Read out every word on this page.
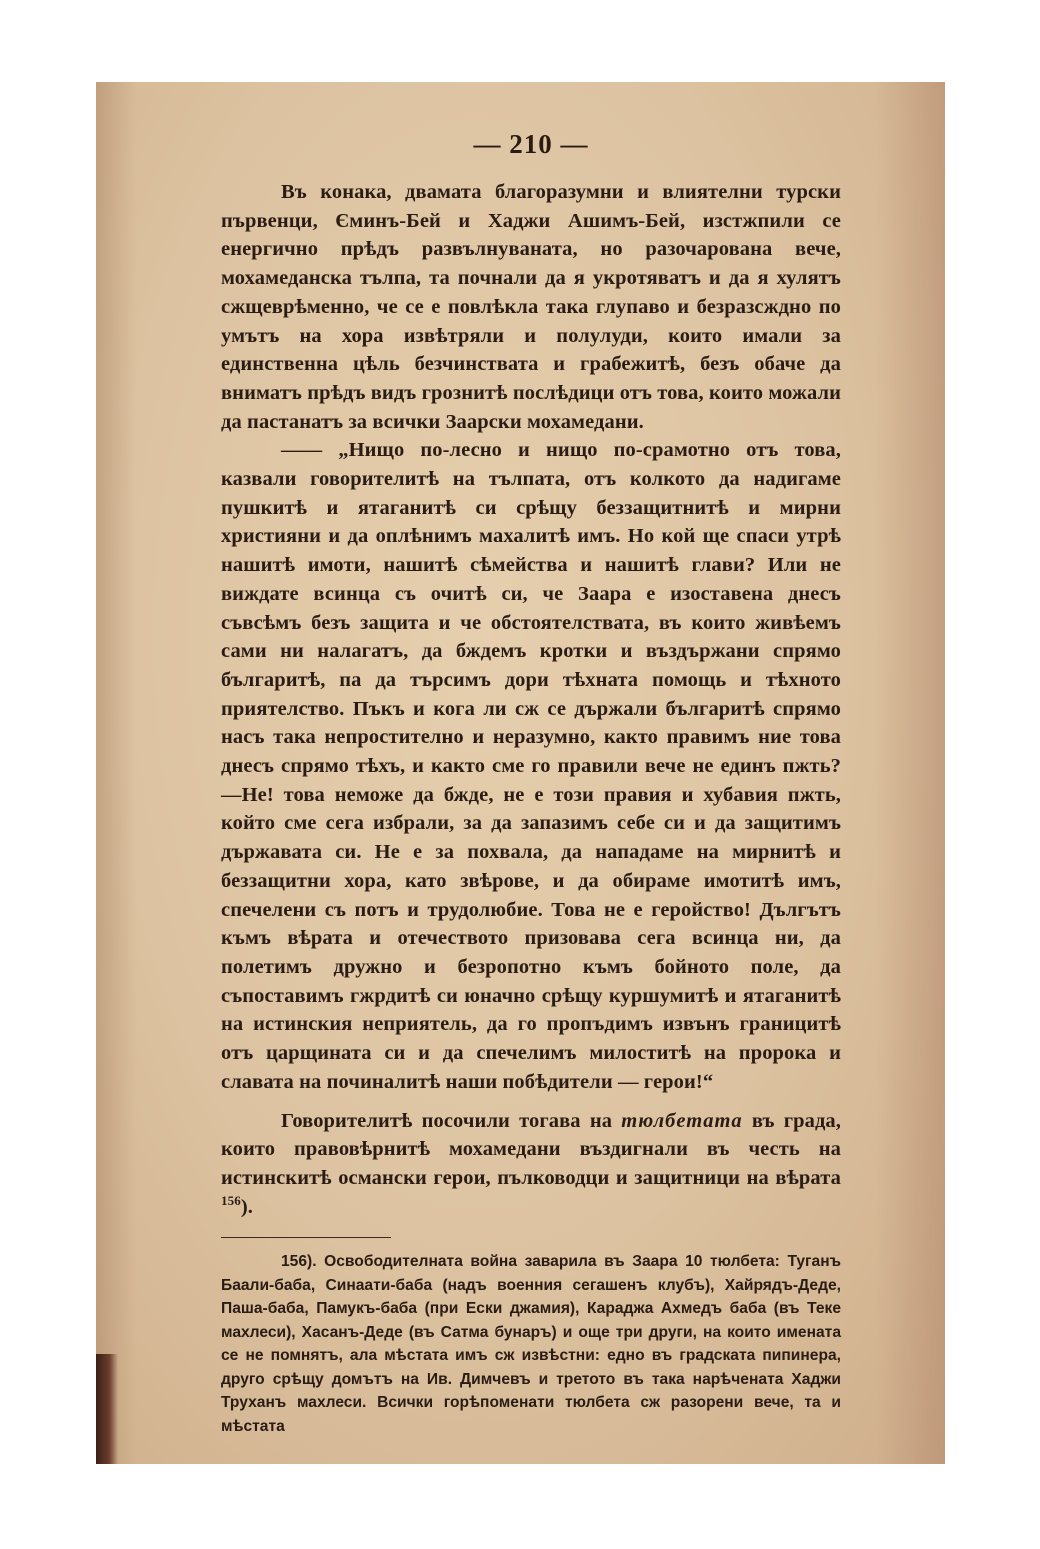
— 210 —

Въ конака, двамата благоразумни и влиятелни турски първенци, Єминъ-Бей и Хаджи Ашимъ-Бей, изстжпили се енергично прѣдъ развълнуваната, но разочарована вече, мохамеданска тълпа, та почнали да я укротяватъ и да я хулятъ сжщеврѣменно, че се е повлѣкла така глупаво и безразсждно по умътъ на хора извѣтряли и полулуди, които имали за единственна цѣль безчинствата и грабежитѣ, безъ обаче да вниматъ прѣдъ видъ грознитѣ послѣдици отъ това, които можали да пастанатъ за всички Заарски мохамедани.

—— „Нищо по-лесно и нищо по-срамотно отъ това, казвали говорителитѣ на тълпата, отъ колкото да надигаме пушкитѣ и ятаганитѣ си срѣщу беззащитнитѣ и мирни християни и да оплѣнимъ махалитѣ имъ. Но кой ще спаси утрѣ нашитѣ имоти, нашитѣ сѣмейства и нашитѣ глави? Или не виждате всинца съ очитѣ си, че Заара е изоставена днесъ съвсѣмъ безъ защита и че обстоятелствата, въ които живѣемъ сами ни налагатъ, да бждемъ кротки и въздържани спрямо българитѣ, па да търсимъ дори тѣхната помощь и тѣхното приятелство. Пъкъ и кога ли сж се държали българитѣ спрямо насъ така непростително и неразумно, както правимъ ние това днесъ спрямо тѣхъ, и както сме го правили вече не единъ пжть?—Не! това неможе да бжде, не е този правия и хубавия пжть, който сме сега избрали, за да запазимъ себе си и да защитимъ държавата си. Не е за похвала, да нападаме на мирнитѣ и беззащитни хора, като звѣрове, и да обираме имотитѣ имъ, спечелени съ потъ и трудолюбие. Това не е геройство! Дългътъ къмъ вѣрата и отечеството призовава сега всинца ни, да полетимъ дружно и безропотно къмъ бойното поле, да съпоставимъ гжрдитѣ си юначно срѣщу куршумитѣ и ятаганитѣ на истинския неприятель, да го пропъдимъ извънъ границитѣ отъ царщината си и да спечелимъ милоститѣ на пророка и славата на починалитѣ наши побѣдители — герои!“

Говорителитѣ посочили тогава на тюлбетата въ града, които правовѣрнитѣ мохамедани въздигнали въ честь на истинскитѣ османски герои, пълководци и защитници на вѣрата $^{156}$).

156). Освободителната война заварила въ Заара 10 тюлбета: Туганъ Баали-баба, Синаати-баба (надъ военния сегашенъ клубъ), Хайрядъ-Деде, Паша-баба, Памукъ-баба (при Ески джамия), Караджа Ахмедъ баба (въ Теке махлеси), Хасанъ-Деде (въ Сатма бунаръ) и още три други, на които имената се не помнятъ, ала мѣстата имъ сж извѣстни: едно въ градската пипинера, друго срѣщу домътъ на Ив. Димчевъ и третото въ така нарѣчената Хаджи Труханъ махлеси. Всички горѣпоменати тюлбета сж разорени вече, та и мѣстата
